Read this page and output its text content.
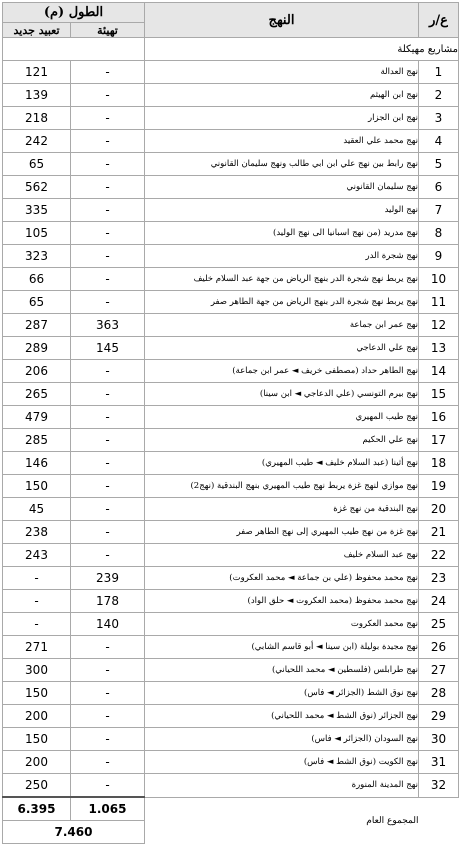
الطول (م)		النهج	ع/ر
تعبيد جديد	تهيئة		
		مشاريع مهيكلة	
121	-	نهج العدالة	1
139	-	نهج ابن الهيثم	2
218	-	نهج ابن الجزار	3
242	-	نهج محمد علي العقيد	4
65	-	نهج رابط بين نهج علي ابن ابي طالب ونهج سليمان القانوني	5
562	-	نهج سليمان القانوني	6
335	-	نهج الوليد	7
105	-	نهج مدريد (من نهج اسبانيا الى نهج الوليد)	8
323	-	نهج شجرة الدر	9
66	-	نهج يربط نهج شجرة الدر بنهج الرياض من جهة عبد السلام خليف	10
65	-	نهج يربط نهج شجرة الدر بنهج الرياض من جهة الطاهر صفر	11
287	363	نهج عمر ابن جماعة	12
289	145	نهج علي الدعاجي	13
206	-	نهج الطاهر حداد (مصطفى خريف ◄ عمر ابن جماعة)	14
265	-	نهج بيرم التونسي (علي الدعاجي ◄ ابن سينا)	15
479	-	نهج طيب المهيري	16
285	-	نهج علي الحكيم	17
146	-	نهج أثينا (عبد السلام خليف ◄ طيب المهيري)	18
150	-	نهج موازي لنهج غزة يربط نهج طيب المهيري بنهج البندقية (نهج2)	19
45	-	نهج البندقية من نهج غزة	20
238	-	نهج غزة من نهج طيب المهيري إلى نهج الطاهر صفر	21
243	-	نهج عبد السلام خليف	22
-	239	نهج محمد محفوظ (علي بن جماعة ◄ محمد العكروت)	23
-	178	نهج محمد محفوظ (محمد العكروت ◄ حلق الواد)	24
-	140	نهج محمد العكروت	25
271	-	نهج مجيدة بوليلة (ابن سينا ◄ أبو قاسم الشابي)	26
300	-	نهج طرابلس (فلسطين ◄ محمد اللحياني)	27
150	-	نهج نوق الشط (الجزائر ◄ فاس)	28
200	-	نهج الجزائر (نوق الشط ◄ محمد اللحياني)	29
150	-	نهج السودان (الجزائر ◄ فاس)	30
200	-	نهج الكويت (نوق الشط ◄ فاس)	31
250	-	نهج المدينة المنورة	32
6.395	1.065	المجموع العام	
7.460			
